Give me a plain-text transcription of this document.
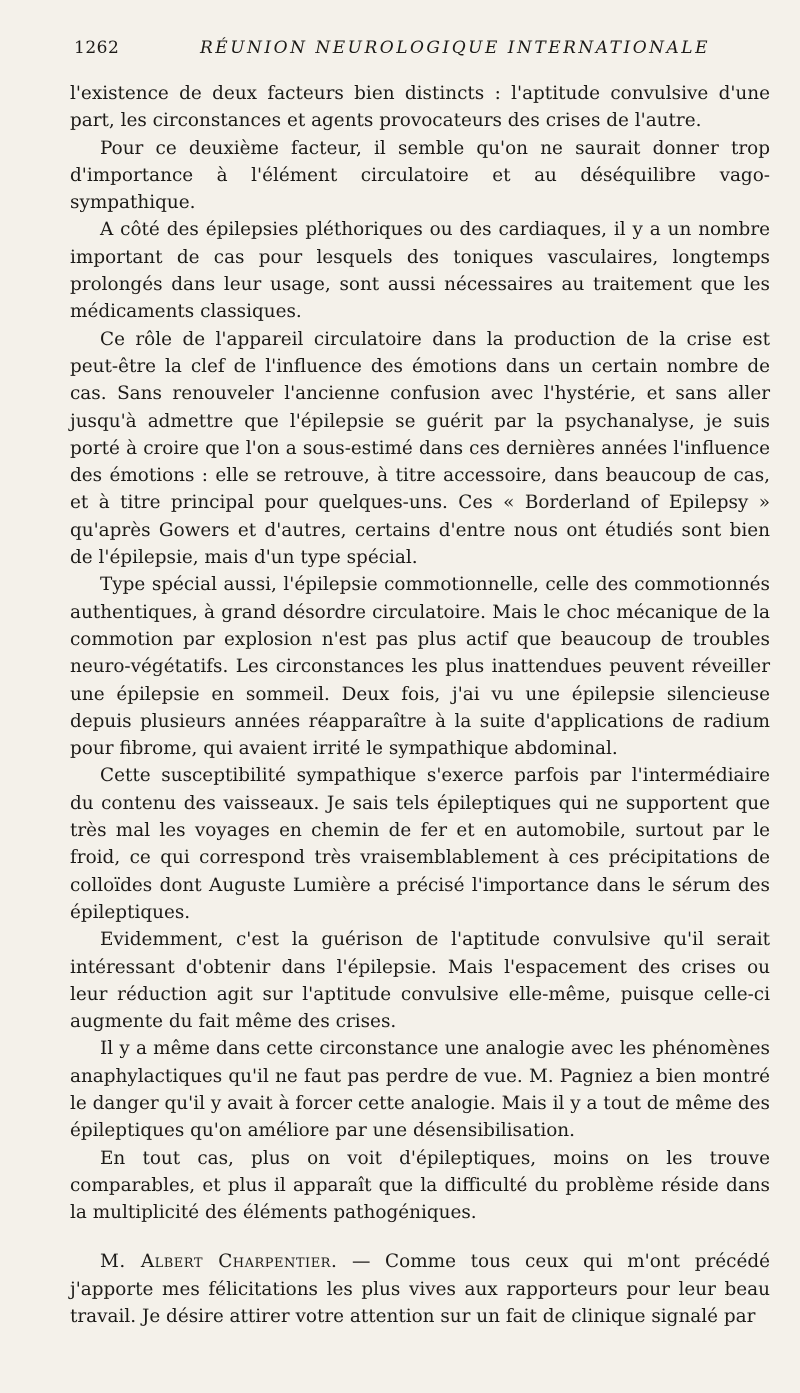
1262	RÉUNION NEUROLOGIQUE INTERNATIONALE

l'existence de deux facteurs bien distincts : l'aptitude convulsive d'une part, les circonstances et agents provocateurs des crises de l'autre.

Pour ce deuxième facteur, il semble qu'on ne saurait donner trop d'importance à l'élément circulatoire et au déséquilibre vago-sympathique.

A côté des épilepsies pléthoriques ou des cardiaques, il y a un nombre important de cas pour lesquels des toniques vasculaires, longtemps prolongés dans leur usage, sont aussi nécessaires au traitement que les médicaments classiques.

Ce rôle de l'appareil circulatoire dans la production de la crise est peut-être la clef de l'influence des émotions dans un certain nombre de cas. Sans renouveler l'ancienne confusion avec l'hystérie, et sans aller jusqu'à admettre que l'épilepsie se guérit par la psychanalyse, je suis porté à croire que l'on a sous-estimé dans ces dernières années l'influence des émotions : elle se retrouve, à titre accessoire, dans beaucoup de cas, et à titre principal pour quelques-uns. Ces « Borderland of Epilepsy » qu'après Gowers et d'autres, certains d'entre nous ont étudiés sont bien de l'épilepsie, mais d'un type spécial.

Type spécial aussi, l'épilepsie commotionnelle, celle des commotionnés authentiques, à grand désordre circulatoire. Mais le choc mécanique de la commotion par explosion n'est pas plus actif que beaucoup de troubles neuro-végétatifs. Les circonstances les plus inattendues peuvent réveiller une épilepsie en sommeil. Deux fois, j'ai vu une épilepsie silencieuse depuis plusieurs années réapparaître à la suite d'applications de radium pour fibrome, qui avaient irrité le sympathique abdominal.

Cette susceptibilité sympathique s'exerce parfois par l'intermédiaire du contenu des vaisseaux. Je sais tels épileptiques qui ne supportent que très mal les voyages en chemin de fer et en automobile, surtout par le froid, ce qui correspond très vraisemblablement à ces précipitations de colloïdes dont Auguste Lumière a précisé l'importance dans le sérum des épileptiques.

Evidemment, c'est la guérison de l'aptitude convulsive qu'il serait intéressant d'obtenir dans l'épilepsie. Mais l'espacement des crises ou leur réduction agit sur l'aptitude convulsive elle-même, puisque celle-ci augmente du fait même des crises.

Il y a même dans cette circonstance une analogie avec les phénomènes anaphylactiques qu'il ne faut pas perdre de vue. M. Pagniez a bien montré le danger qu'il y avait à forcer cette analogie. Mais il y a tout de même des épileptiques qu'on améliore par une désensibilisation.

En tout cas, plus on voit d'épileptiques, moins on les trouve comparables, et plus il apparaît que la difficulté du problème réside dans la multiplicité des éléments pathogéniques.

M. Albert Charpentier. — Comme tous ceux qui m'ont précédé j'apporte mes félicitations les plus vives aux rapporteurs pour leur beau travail. Je désire attirer votre attention sur un fait de clinique signalé par
